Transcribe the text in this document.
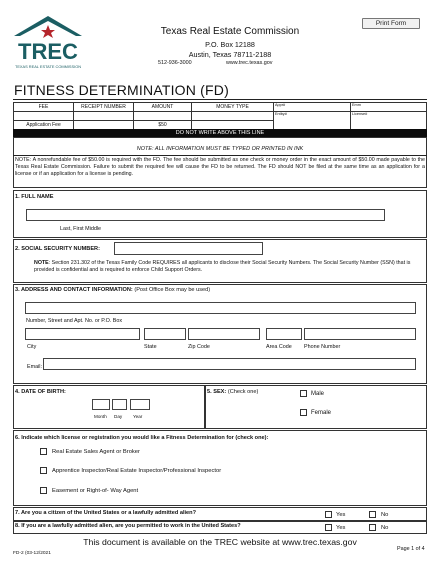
TREC
TEXAS REAL ESTATE COMMISSION
Texas Real Estate Commission
P.O. Box 12188
Austin, Texas 78711-2188
512-936-3000	www.trec.texas.gov
Print Form
FITNESS DETERMINATION (FD)
FEE	RECEIPT NUMBER	AMOUNT	MONEY TYPE	Appr#	Emm
				Entby#	License#
Application Fee		$50			
DO NOT WRITE ABOVE THIS LINE
NOTE: ALL INFORMATION MUST BE TYPED OR PRINTED IN INK
NOTE: A nonrefundable fee of $50.00 is required with the FD. The fee should be submitted as one check or money order in the exact amount of $50.00 made payable to the Texas Real Estate Commission. Failure to submit the required fee will cause the FD to be returned. The FD should NOT be filed at the same time as an application for a license or if an application for a license is pending.
1. FULL NAME
Last, First Middle
2. SOCIAL SECURITY NUMBER:
NOTE: Section 231.302 of the Texas Family Code REQUIRES all applicants to disclose their Social Security Numbers. The Social Security Number (SSN) that is provided is confidential and is required to enforce Child Support Orders.
3. ADDRESS AND CONTACT INFORMATION: (Post Office Box may be used)
Number, Street and Apt. No. or P.O. Box
City	State	Zip Code	Area Code Phone Number
Email:
4. DATE OF BIRTH:
Month Day Year
5. SEX: (Check one)	Male
Female
6. Indicate which license or registration you would like a Fitness Determination for (check one):
Real Estate Sales Agent or Broker
Apprentice Inspector/Real Estate Inspector/Professional Inspector
Easement or Right-of- Way Agent
7. Are you a citizen of the United States or a lawfully admitted alien?	Yes	No
8. If you are a lawfully admitted alien, are you permitted to work in the United States?	Yes	No
This document is available on the TREC website at www.trec.texas.gov
FD-2 (03-12/2021
Page 1 of 4
